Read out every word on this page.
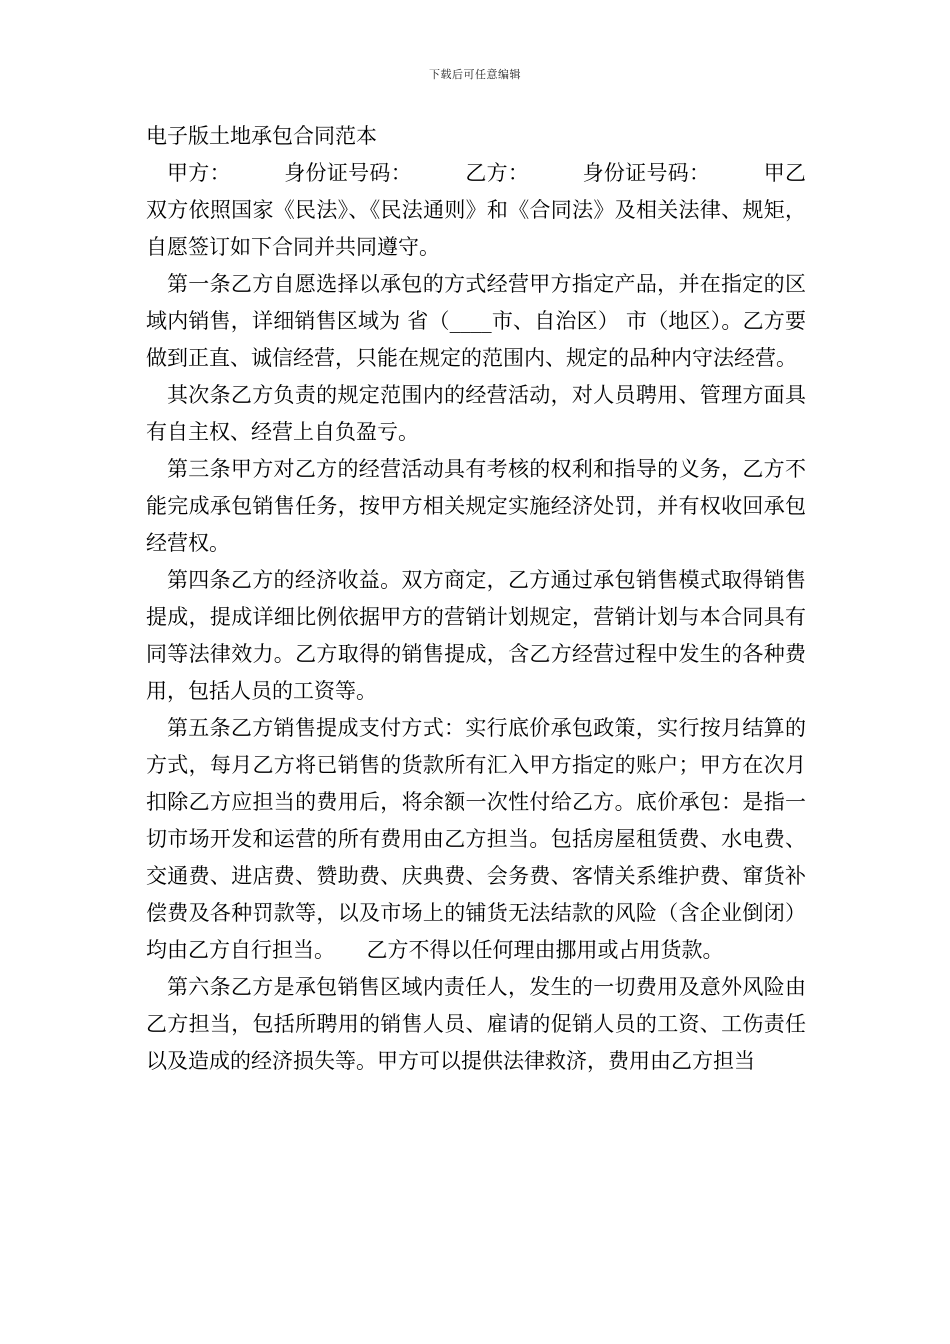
下载后可任意编辑
电子版土地承包合同范本

甲方：　　　身份证号码：　　　乙方：　　　身份证号码：　　　甲乙双方依照国家《民法》、《民法通则》和《合同法》及相关法律、规矩，自愿签订如下合同并共同遵守。

第一条乙方自愿选择以承包的方式经营甲方指定产品，并在指定的区域内销售，详细销售区域为 省（____市、自治区） 市（地区）。乙方要做到正直、诚信经营，只能在规定的范围内、规定的品种内守法经营。

其次条乙方负责的规定范围内的经营活动，对人员聘用、管理方面具有自主权、经营上自负盈亏。

第三条甲方对乙方的经营活动具有考核的权利和指导的义务，乙方不能完成承包销售任务，按甲方相关规定实施经济处罚，并有权收回承包经营权。

第四条乙方的经济收益。双方商定，乙方通过承包销售模式取得销售提成，提成详细比例依据甲方的营销计划规定，营销计划与本合同具有同等法律效力。乙方取得的销售提成，含乙方经营过程中发生的各种费用，包括人员的工资等。

第五条乙方销售提成支付方式：实行底价承包政策，实行按月结算的方式，每月乙方将已销售的货款所有汇入甲方指定的账户；甲方在次月扣除乙方应担当的费用后，将余额一次性付给乙方。底价承包：是指一切市场开发和运营的所有费用由乙方担当。包括房屋租赁费、水电费、交通费、进店费、赞助费、庆典费、会务费、客情关系维护费、窜货补偿费及各种罚款等，以及市场上的铺货无法结款的风险（含企业倒闭）均由乙方自行担当。　　乙方不得以任何理由挪用或占用货款。

第六条乙方是承包销售区域内责任人，发生的一切费用及意外风险由乙方担当，包括所聘用的销售人员、雇请的促销人员的工资、工伤责任以及造成的经济损失等。甲方可以提供法律救济，费用由乙方担当
